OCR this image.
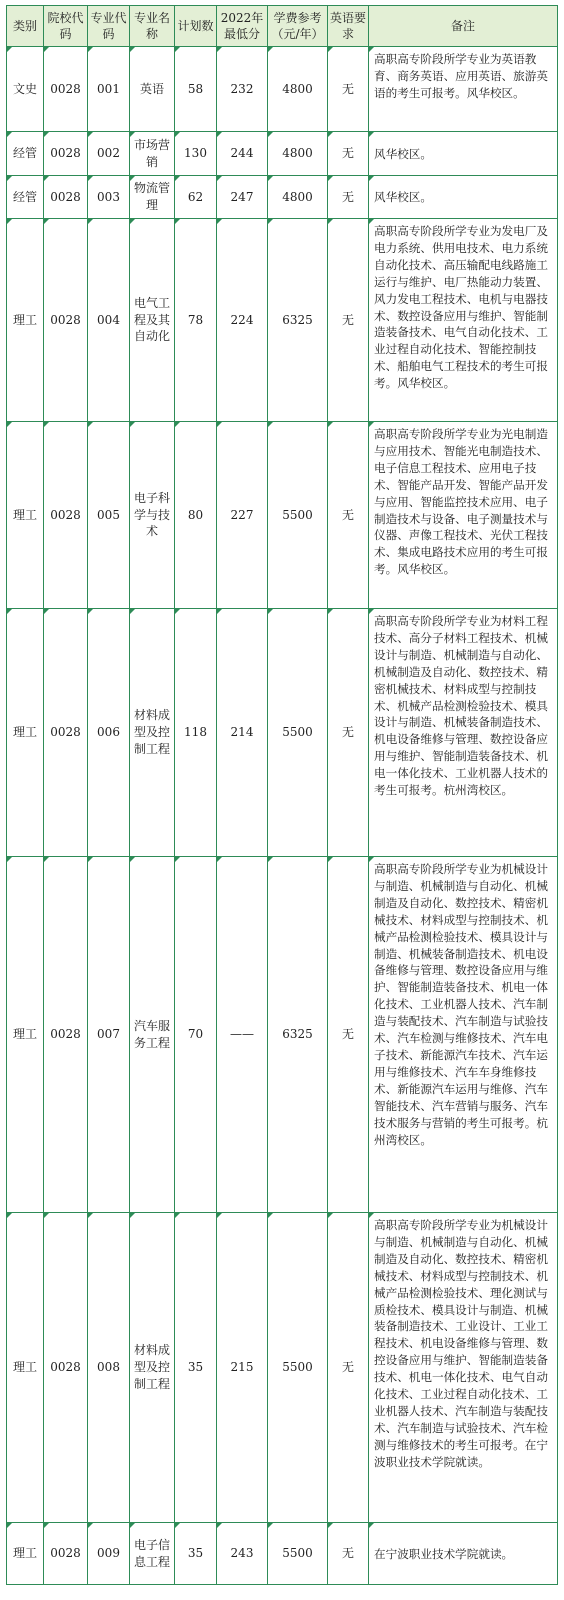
类别	院校代码	专业代码	专业名称	计划数	2022年最低分	学费参考（元/年）	英语要求	备注
文史	0028	001	英语	58	232	4800	无	高职高专阶段所学专业为英语教育、商务英语、应用英语、旅游英语的考生可报考。风华校区。
经管	0028	002	市场营销	130	244	4800	无	风华校区。
经管	0028	003	物流管理	62	247	4800	无	风华校区。
理工	0028	004	电气工程及其自动化	78	224	6325	无	高职高专阶段所学专业为发电厂及电力系统、供用电技术、电力系统自动化技术、高压输配电线路施工运行与维护、电厂热能动力装置、风力发电工程技术、电机与电器技术、数控设备应用与维护、智能制造装备技术、电气自动化技术、工业过程自动化技术、智能控制技术、船舶电气工程技术的考生可报考。风华校区。
理工	0028	005	电子科学与技术	80	227	5500	无	高职高专阶段所学专业为光电制造与应用技术、智能光电制造技术、电子信息工程技术、应用电子技术、智能产品开发、智能产品开发与应用、智能监控技术应用、电子制造技术与设备、电子测量技术与仪器、声像工程技术、光伏工程技术、集成电路技术应用的考生可报考。风华校区。
理工	0028	006	材料成型及控制工程	118	214	5500	无	高职高专阶段所学专业为材料工程技术、高分子材料工程技术、机械设计与制造、机械制造与自动化、机械制造及自动化、数控技术、精密机械技术、材料成型与控制技术、机械产品检测检验技术、模具设计与制造、机械装备制造技术、机电设备维修与管理、数控设备应用与维护、智能制造装备技术、机电一体化技术、工业机器人技术的考生可报考。杭州湾校区。
理工	0028	007	汽车服务工程	70	——	6325	无	高职高专阶段所学专业为机械设计与制造、机械制造与自动化、机械制造及自动化、数控技术、精密机械技术、材料成型与控制技术、机械产品检测检验技术、模具设计与制造、机械装备制造技术、机电设备维修与管理、数控设备应用与维护、智能制造装备技术、机电一体化技术、工业机器人技术、汽车制造与装配技术、汽车制造与试验技术、汽车检测与维修技术、汽车电子技术、新能源汽车技术、汽车运用与维修技术、汽车车身维修技术、新能源汽车运用与维修、汽车智能技术、汽车营销与服务、汽车技术服务与营销的考生可报考。杭州湾校区。
理工	0028	008	材料成型及控制工程	35	215	5500	无	高职高专阶段所学专业为机械设计与制造、机械制造与自动化、机械制造及自动化、数控技术、精密机械技术、材料成型与控制技术、机械产品检测检验技术、理化测试与质检技术、模具设计与制造、机械装备制造技术、工业设计、工业工程技术、机电设备维修与管理、数控设备应用与维护、智能制造装备技术、机电一体化技术、电气自动化技术、工业过程自动化技术、工业机器人技术、汽车制造与装配技术、汽车制造与试验技术、汽车检测与维修技术的考生可报考。在宁波职业技术学院就读。
理工	0028	009	电子信息工程	35	243	5500	无	在宁波职业技术学院就读。
